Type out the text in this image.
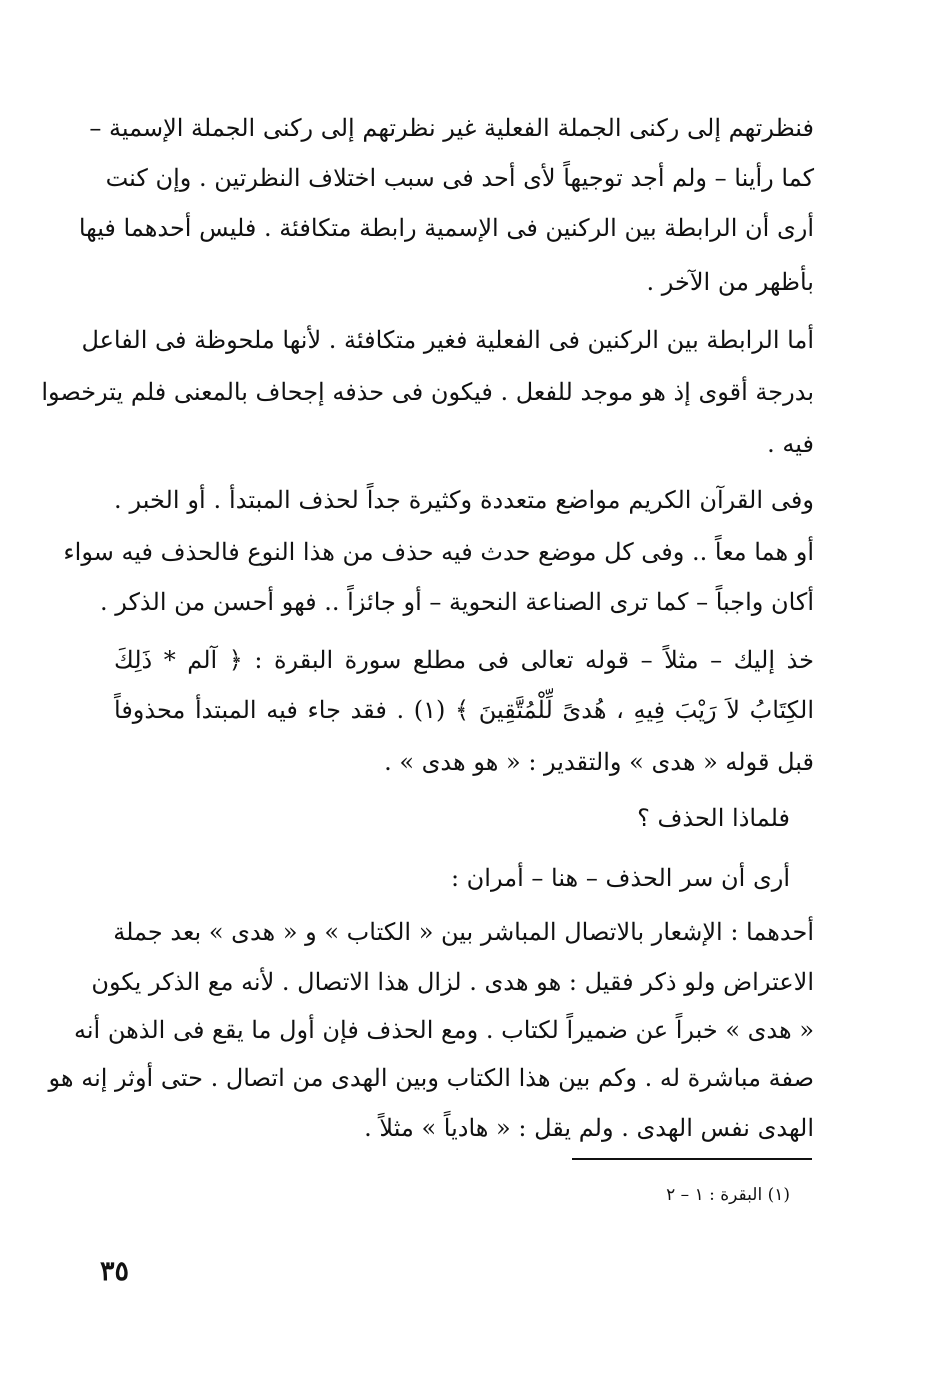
فنظرتهم إلى ركنى الجملة الفعلية غير نظرتهم إلى ركنى الجملة الإسمية –
كما رأينا – ولم أجد توجيهاً لأى أحد فى سبب اختلاف النظرتين . وإن كنت
أرى أن الرابطة بين الركنين فى الإسمية رابطة متكافئة . فليس أحدهما فيها
بأظهر من الآخر .
أما الرابطة بين الركنين فى الفعلية فغير متكافئة . لأنها ملحوظة فى الفاعل
بدرجة أقوى إذ هو موجد للفعل . فيكون فى حذفه إجحاف بالمعنى فلم يترخصوا
فيه .
وفى القرآن الكريم مواضع متعددة وكثيرة جداً لحذف المبتدأ . أو الخبر .
أو هما معاً .. وفى كل موضع حدث فيه حذف من هذا النوع فالحذف فيه سواء
أكان واجباً – كما ترى الصناعة النحوية – أو جائزاً .. فهو أحسن من الذكر .
خذ إليك – مثلاً – قوله تعالى فى مطلع سورة البقرة : ﴿ آلم * ذَلِكَ
الكِتَابُ لاَ رَيْبَ فِيهِ ، هُدىً لِّلْمُتَّقِينَ ﴾ (١) . فقد جاء فيه المبتدأ محذوفاً
قبل قوله « هدى » والتقدير : « هو هدى » .
فلماذا الحذف ؟
أرى أن سر الحذف – هنا – أمران :
أحدهما : الإشعار بالاتصال المباشر بين « الكتاب » و « هدى » بعد جملة
الاعتراض ولو ذكر فقيل : هو هدى . لزال هذا الاتصال . لأنه مع الذكر يكون
« هدى » خبراً عن ضميراً لكتاب . ومع الحذف فإن أول ما يقع فى الذهن أنه
صفة مباشرة له . وكم بين هذا الكتاب وبين الهدى من اتصال . حتى أوثر إنه هو
الهدى نفس الهدى . ولم يقل : « هادياً » مثلاً .
(١) البقرة : ١ – ٢
٣٥
